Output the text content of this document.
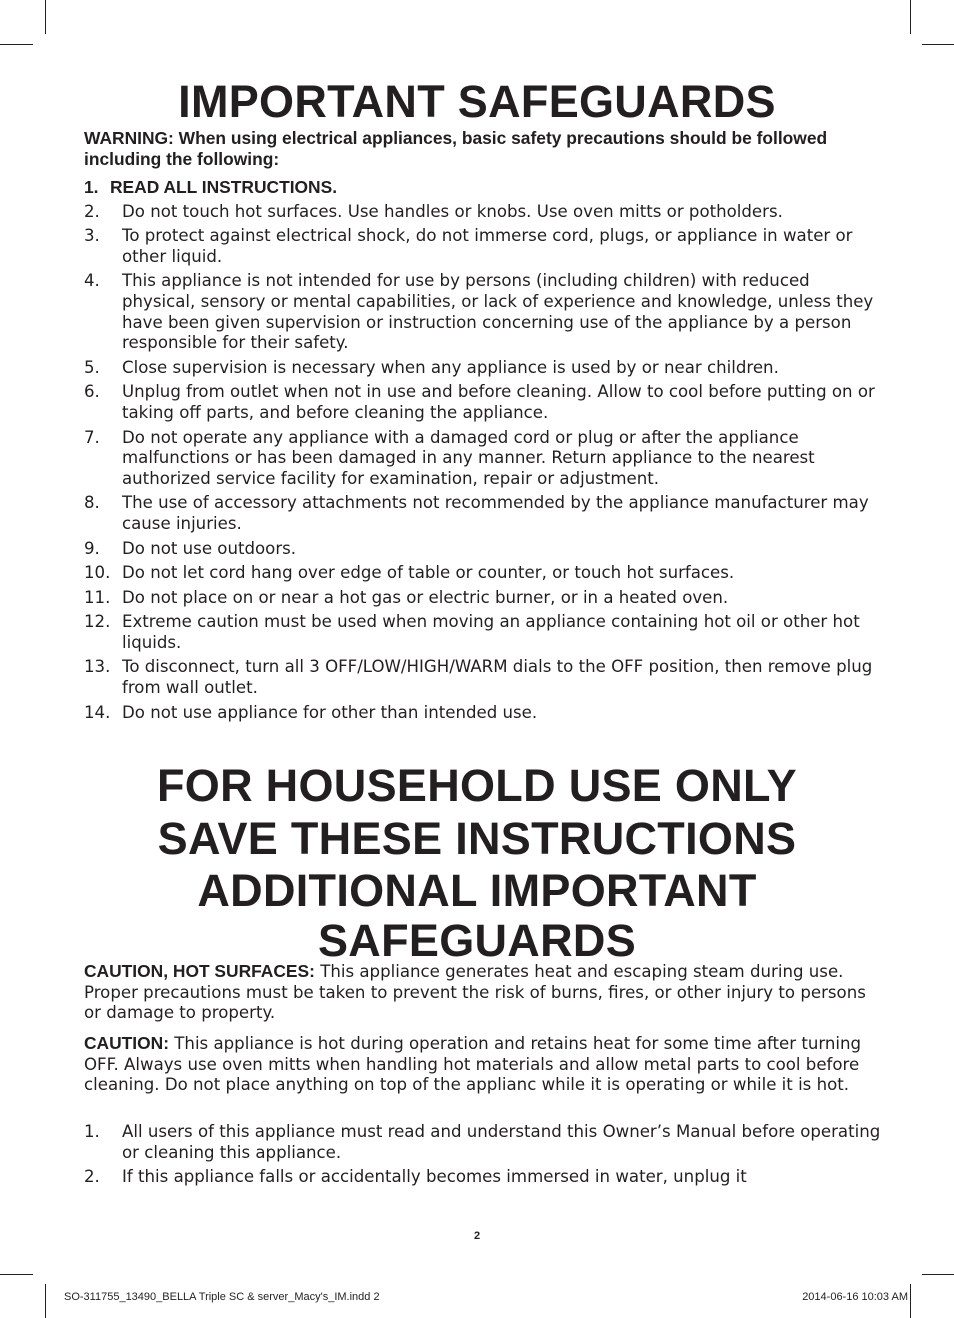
IMPORTANT SAFEGUARDS

WARNING: When using electrical appliances, basic safety precautions should be followed including the following:

1. READ ALL INSTRUCTIONS.
2. Do not touch hot surfaces. Use handles or knobs. Use oven mitts or potholders.
3. To protect against electrical shock, do not immerse cord, plugs, or appliance in water or other liquid.
4. This appliance is not intended for use by persons (including children) with reduced physical, sensory or mental capabilities, or lack of experience and knowledge, unless they have been given supervision or instruction concerning use of the appliance by a person responsible for their safety.
5. Close supervision is necessary when any appliance is used by or near children.
6. Unplug from outlet when not in use and before cleaning. Allow to cool before putting on or taking off parts, and before cleaning the appliance.
7. Do not operate any appliance with a damaged cord or plug or after the appliance malfunctions or has been damaged in any manner. Return appliance to the nearest authorized service facility for examination, repair or adjustment.
8. The use of accessory attachments not recommended by the appliance manufacturer may cause injuries.
9. Do not use outdoors.
10. Do not let cord hang over edge of table or counter, or touch hot surfaces.
11. Do not place on or near a hot gas or electric burner, or in a heated oven.
12. Extreme caution must be used when moving an appliance containing hot oil or other hot liquids.
13. To disconnect, turn all 3 OFF/LOW/HIGH/WARM dials to the OFF position, then remove plug from wall outlet.
14. Do not use appliance for other than intended use.
FOR HOUSEHOLD USE ONLY
SAVE THESE INSTRUCTIONS
ADDITIONAL IMPORTANT SAFEGUARDS

CAUTION, HOT SURFACES: This appliance generates heat and escaping steam during use. Proper precautions must be taken to prevent the risk of burns, fires, or other injury to persons or damage to property.

CAUTION: This appliance is hot during operation and retains heat for some time after turning OFF. Always use oven mitts when handling hot materials and allow metal parts to cool before cleaning. Do not place anything on top of the applianc while it is operating or while it is hot.

1. All users of this appliance must read and understand this Owner’s Manual before operating or cleaning this appliance.
2. If this appliance falls or accidentally becomes immersed in water, unplug it
2
SO-311755_13490_BELLA Triple SC & server_Macy's_IM.indd 2	2014-06-16 10:03 AM
